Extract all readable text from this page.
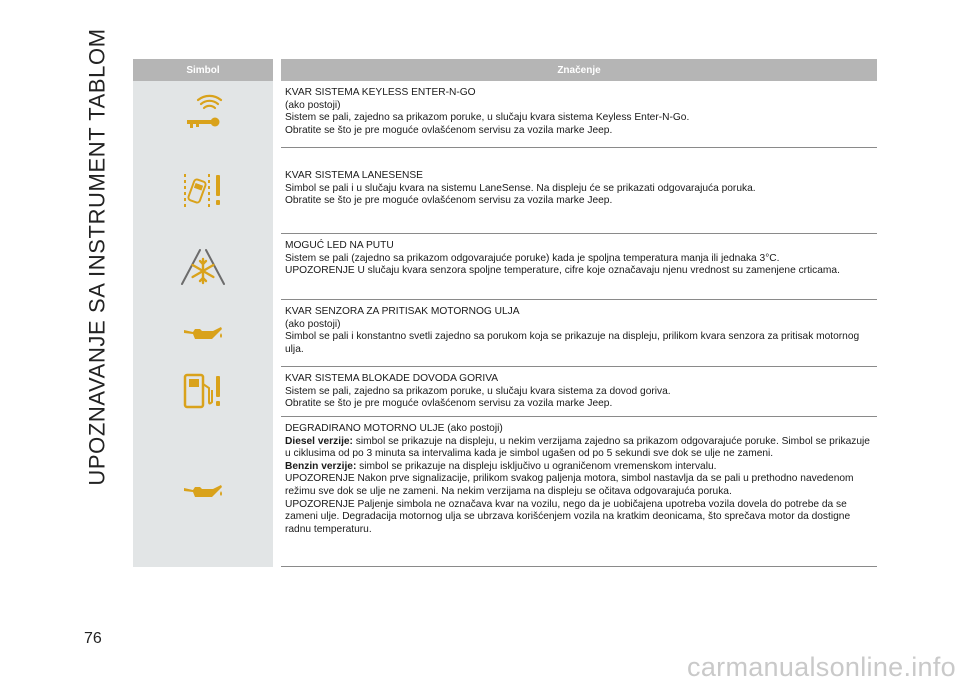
UPOZNAVANJE SA INSTRUMENT TABLOM	Simbol	Značenje

KVAR SISTEMA KEYLESS ENTER-N-GO

(ako postoji)

Sistem se pali, zajedno sa prikazom poruke, u slučaju kvara sistema Keyless Enter-N-Go.

Obratite se što je pre moguće ovlašćenom servisu za vozila marke Jeep.

KVAR SISTEMA LANESENSE

Simbol se pali i u slučaju kvara na sistemu LaneSense. Na displeju će se prikazati odgovarajuća poruka.

Obratite se što je pre moguće ovlašćenom servisu za vozila marke Jeep.

MOGUĆ LED NA PUTU

Sistem se pali (zajedno sa prikazom odgovarajuće poruke) kada je spoljna temperatura manja ili jednaka 3°C.

UPOZORENJE U slučaju kvara senzora spoljne temperature, cifre koje označavaju njenu vrednost su zamenjene crticama.

KVAR SENZORA ZA PRITISAK MOTORNOG ULJA

(ako postoji)

Simbol se pali i konstantno svetli zajedno sa porukom koja se prikazuje na displeju, prilikom kvara senzora za pritisak motornog ulja.

KVAR SISTEMA BLOKADE DOVODA GORIVA

Sistem se pali, zajedno sa prikazom poruke, u slučaju kvara sistema za dovod goriva.

Obratite se što je pre moguće ovlašćenom servisu za vozila marke Jeep.

DEGRADIRANO MOTORNO ULJE (ako postoji)

Diesel verzije: simbol se prikazuje na displeju, u nekim verzijama zajedno sa prikazom odgovarajuće poruke. Simbol se prikazuje u ciklusima od po 3 minuta sa intervalima kada je simbol ugašen od po 5 sekundi sve dok se ulje ne zameni.

Benzin verzije: simbol se prikazuje na displeju isključivo u ograničenom vremenskom intervalu.

UPOZORENJE Nakon prve signalizacije, prilikom svakog paljenja motora, simbol nastavlja da se pali u prethodno navedenom režimu sve dok se ulje ne zameni. Na nekim verzijama na displeju se očitava odgovarajuća poruka.

UPOZORENJE Paljenje simbola ne označava kvar na vozilu, nego da je uobičajena upotreba vozila dovela do potrebe da se zameni ulje. Degradacija motornog ulja se ubrzava korišćenjem vozila na kratkim deonicama, što sprečava motor da dostigne radnu temperaturu.

76
carmanualsonline.info
